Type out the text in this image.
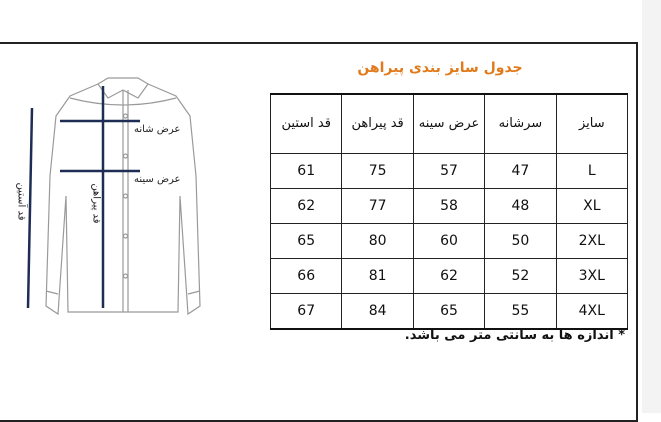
جدول سایز بندی پیراهن
عرض شانه
عرض سینه
قد پیراهن
قد آستین
سایز	سرشانه	عرض سینه	قد پیراهن	قد استین
L	47	57	75	61
XL	48	58	77	62
2XL	50	60	80	65
3XL	52	62	81	66
4XL	55	65	84	67
* اندازه ها به سانتی متر می باشد.
